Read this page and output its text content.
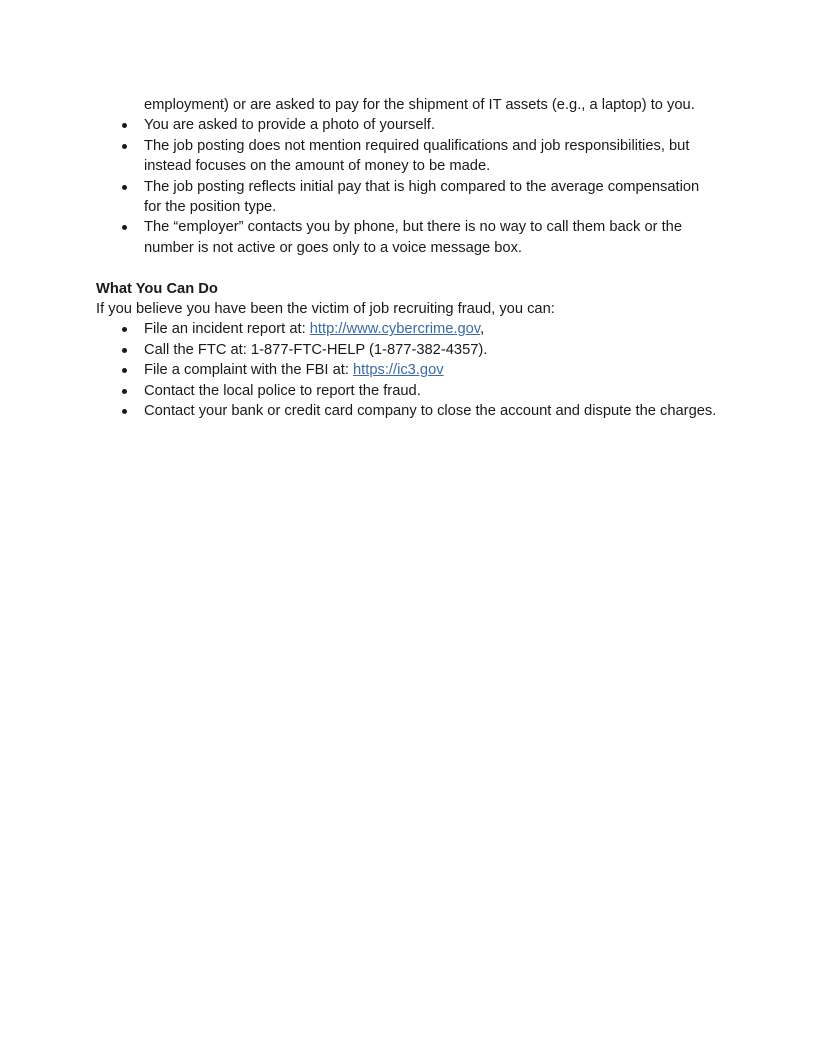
employment) or are asked to pay for the shipment of IT assets (e.g., a laptop) to you.
You are asked to provide a photo of yourself.
The job posting does not mention required qualifications and job responsibilities, but instead focuses on the amount of money to be made.
The job posting reflects initial pay that is high compared to the average compensation for the position type.
The “employer” contacts you by phone, but there is no way to call them back or the number is not active or goes only to a voice message box.

What You Can Do

If you believe you have been the victim of job recruiting fraud, you can:

File an incident report at: http://www.cybercrime.gov,
Call the FTC at: 1-877-FTC-HELP (1-877-382-4357).
File a complaint with the FBI at: https://ic3.gov
Contact the local police to report the fraud.
Contact your bank or credit card company to close the account and dispute the charges.
